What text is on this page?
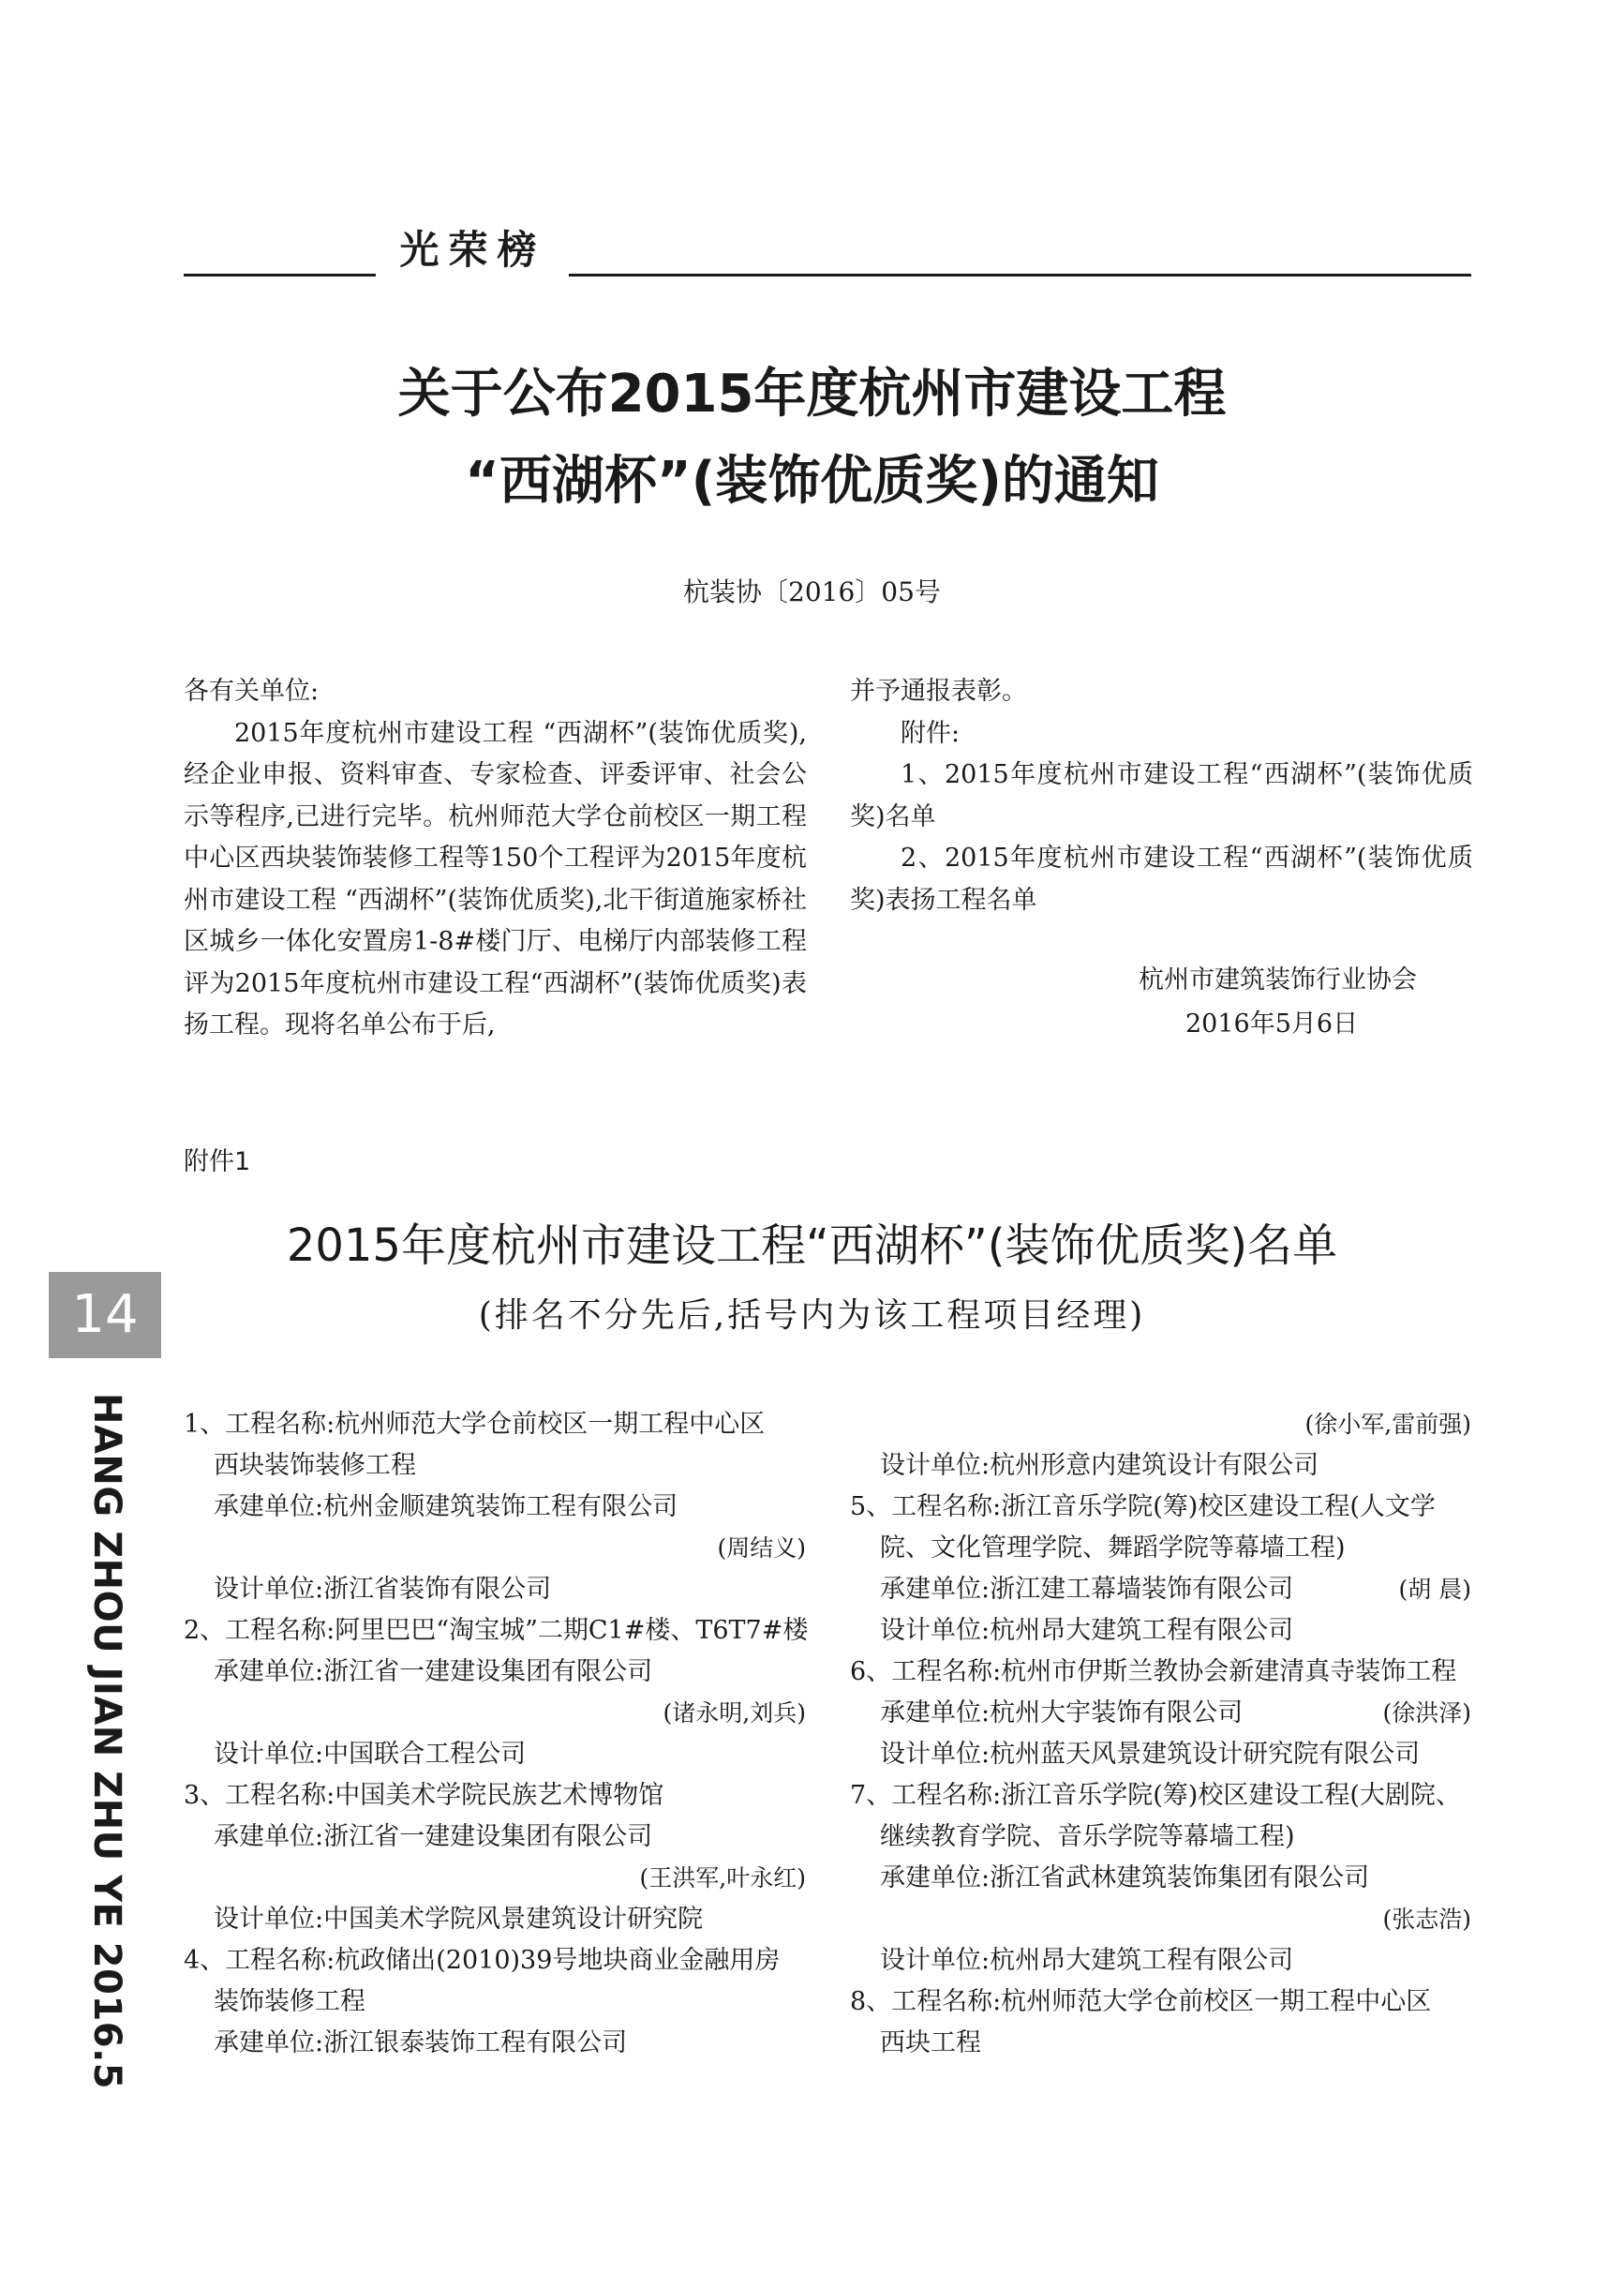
光荣榜
关于公布2015年度杭州市建设工程
“西湖杯”(装饰优质奖)的通知
杭装协〔2016〕05号

各有关单位:

2015年度杭州市建设工程 “西湖杯”(装饰优质奖),经企业申报、资料审查、专家检查、评委评审、社会公示等程序,已进行完毕。杭州师范大学仓前校区一期工程中心区西块装饰装修工程等150个工程评为2015年度杭州市建设工程 “西湖杯”(装饰优质奖),北干街道施家桥社区城乡一体化安置房1-8#楼门厅、电梯厅内部装修工程评为2015年度杭州市建设工程“西湖杯”(装饰优质奖)表扬工程。现将名单公布于后,

并予通报表彰。

附件:

1、2015年度杭州市建设工程“西湖杯”(装饰优质奖)名单

2、2015年度杭州市建设工程“西湖杯”(装饰优质奖)表扬工程名单

杭州市建筑装饰行业协会
2016年5月6日
附件1
2015年度杭州市建设工程“西湖杯”(装饰优质奖)名单
(排名不分先后,括号内为该工程项目经理)
14
HANG ZHOU JIAN ZHU YE 2016.5 1、工程名称:杭州师范大学仓前校区一期工程中心区
西块装饰装修工程
承建单位:杭州金顺建筑装饰工程有限公司
(周结义)
设计单位:浙江省装饰有限公司
2、工程名称:阿里巴巴“淘宝城”二期C1#楼、T6T7#楼
承建单位:浙江省一建建设集团有限公司
(诸永明,刘兵)
设计单位:中国联合工程公司
3、工程名称:中国美术学院民族艺术博物馆
承建单位:浙江省一建建设集团有限公司
(王洪军,叶永红)
设计单位:中国美术学院风景建筑设计研究院
4、工程名称:杭政储出(2010)39号地块商业金融用房
装饰装修工程
承建单位:浙江银泰装饰工程有限公司
(徐小军,雷前强)
设计单位:杭州形意内建筑设计有限公司
5、工程名称:浙江音乐学院(筹)校区建设工程(人文学
院、文化管理学院、舞蹈学院等幕墙工程)
承建单位:浙江建工幕墙装饰有限公司	(胡 晨)
设计单位:杭州昂大建筑工程有限公司
6、工程名称:杭州市伊斯兰教协会新建清真寺装饰工程
承建单位:杭州大宇装饰有限公司	(徐洪泽)
设计单位:杭州蓝天风景建筑设计研究院有限公司
7、工程名称:浙江音乐学院(筹)校区建设工程(大剧院、
继续教育学院、音乐学院等幕墙工程)
承建单位:浙江省武林建筑装饰集团有限公司
(张志浩)
设计单位:杭州昂大建筑工程有限公司
8、工程名称:杭州师范大学仓前校区一期工程中心区
西块工程
